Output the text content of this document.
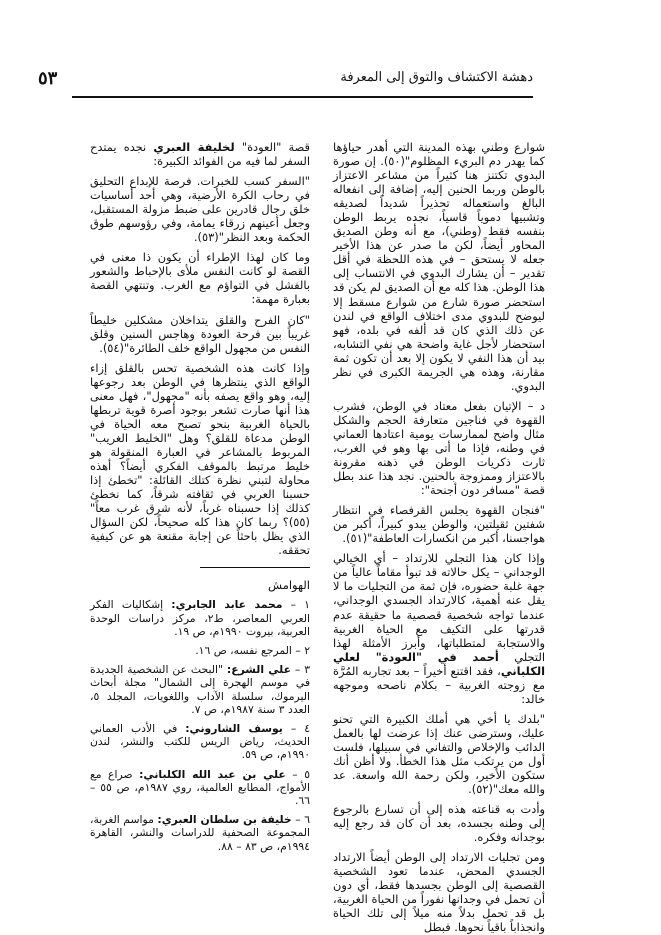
٥٣	دهشة الاكتشاف والتوق إلى المعرفة

شوارع وطني بهذه المدينة التي أهدر حياؤها كما يهدر دم البريء المظلوم"(٥٠). إن صورة البدوي تكتنز هنا كثيراً من مشاعر الاعتزاز بالوطن وربما الحنين إليه، إضافة إلى انفعاله البالغ واستعماله تحذيراً شديداً لصديقه وتشبيها دموياً قاسياً، نجده يربط الوطن بنفسه فقط (وطني)، مع أنه وطن الصديق المحاور أيضاً، لكن ما صدر عن هذا الأخير جعله لا يستحق – في هذه اللحظة في أقل تقدير – أن يشارك البدوي في الانتساب إلى هذا الوطن. هذا كله مع أن الصديق لم يكن قد استحضر صورة شارع من شوارع مسقط إلا ليوضح للبدوي مدى اختلاف الواقع في لندن عن ذلك الذي كان قد ألفه في بلده، فهو استحضار لأجل غاية واضحة هي نفي التشابه، بيد أن هذا النفي لا يكون إلا بعد أن تكون ثمة مقارنة، وهذه هي الجريمة الكبرى في نظر البدوي.

د – الإتيان بفعل معتاد في الوطن، فشرب القهوة في فناجين متعارفة الحجم والشكل مثال واضح لممارسات يومية اعتادها العماني في وطنه، فإذا ما أتى بها وهو في الغرب، ثارت ذكريات الوطن في ذهنه مقرونة بالاعتزاز وممزوجة بالحنين. نجد هذا عند بطل قصة "مسافر دون أجنحة":

"فنجان القهوة يجلس القرفصاء في انتظار شفتين ثقيلتين، والوطن يبدو كبيراً، أكبر من هواجسنا، أكبر من انكسارات العاطفة"(٥١).

وإذا كان هذا التجلي للارتداد – أي الخيالي الوجداني – يكل حالاته قد تبوأ مقاماً عالياً من جهة غلبة حضوره، فإن ثمة من التجليات ما لا يقل عنه أهمية، كالارتداد الجسدي الوجداني، عندما تواجه شخصية قصصية ما حقيقة عدم قدرتها على التكيف مع الحياة الغربية والاستجابة لمتطلباتها، وأبرز الأمثلة لهذا التجلي أحمد في "العودة" لعلي الكلباني، فقد اقتنع أخيراً – بعد تجاربه المُرَّة مع زوجته الغربية – بكلام ناصحه وموجهه خالد:

"بلدك يا أخي هي أملك الكبيرة التي تحنو عليك، وسترضى عنك إذا عرضت لها بالعمل الدائب والإخلاص والتفاني في سبيلها، فلست أول من يرتكب مثل هذا الخطأ. ولا أظن أنك ستكون الأخير، ولكن رحمة الله واسعة. عد والله معك"(٥٢).

وأدت به قناعته هذه إلى أن تسارع بالرجوع إلى وطنه بجسده، بعد أن كان قد رجع إليه بوجدانه وفكره.

ومن تجليات الارتداد إلى الوطن أيضاً الارتداد الجسدي المحض، عندما تعود الشخصية القصصية إلى الوطن بجسدها فقط، أي دون أن تحمل في وجدانها نفوراً من الحياة الغربية، بل قد تحمل بدلاً منه ميلاً إلى تلك الحياة وانجذاباً باقياً نحوها. فبطل

قصة "العودة" لخليفة العبري نجده يمتدح السفر لما فيه من الفوائد الكبيرة:

"السفر كسب للخبرات. فرصة للإبداع التحليق في رحاب الكرة الأرضية، وهي أحد أساسيات خلق رجال قادرين على ضبط مزولة المستقبل، وجعل أعينهم زرقاء يمامة، وفي رؤوسهم طوق الحكمة وبعد النظر"(٥٣).

وما كان لهذا الإطراء أن يكون ذا معنى في القصة لو كانت النفس ملأى بالإحباط والشعور بالفشل في التواؤم مع الغرب. وتنتهي القصة بعبارة مهمة:

"كان الفرح والقلق يتداخلان مشكلين خليطاً غريباً بين فرحة العودة وهاجس السنين وقلق النفس من مجهول الواقع خلف الطائرة"(٥٤).

وإذا كانت هذه الشخصية تحس بالقلق إزاء الواقع الذي ينتظرها في الوطن بعد رجوعها إليه، وهو واقع يصفه بأنه "مجهول"، فهل معنى هذا أنها صارت تشعر بوجود أصرة قوية تربطها بالحياة الغربية بنحو تصبح معه الحياة في الوطن مدعاة للقلق؟ وهل "الخليط الغريب" المربوط بالمشاعر في العبارة المنقولة هو خليط مرتبط بالموقف الفكري أيضاً؟ أهذه محاولة لتبني نظرة كتلك القائلة: "تخطئ إذا حسبنا العربي في ثقافته شرقاً، كما نخطئ كذلك إذا حسبناه غرباً، لأنه شرق غرب معاً"(٥٥)؟ ربما كان هذا كله صحيحاً، لكن السؤال الذي يظل باحثاً عن إجابة مقنعة هو عن كيفية تحققه.

الهوامش

١ – محمد عابد الجابري: إشكاليات الفكر العربي المعاصر، ط٢، مركز دراسات الوحدة العربية، بيروت ١٩٩٠م، ص ١٩.

٢ – المرجع نفسه، ص ١٦.

٣ – علي الشرع: "البحث عن الشخصية الجديدة في موسم الهجرة إلى الشمال" مجلة أبحاث اليرموك، سلسلة الآداب واللغويات، المجلد ٥، العدد ٣ سنة ١٩٨٧م، ص ٧.

٤ – يوسف الشاروني: في الأدب العماني الحديث، رياض الريس للكتب والنشر، لندن ١٩٩٠م، ص ٥٩.

٥ – علي بن عبد الله الكلباني: صراع مع الأمواج، المطابع العالمية، روي ١٩٨٧م، ص ٥٥ – ٦٦.

٦ – خليفة بن سلطان العبري: مواسم الغربة، المجموعة الصحفية للدراسات والنشر، القاهرة ١٩٩٤م، ص ٨٣ – ٨٨.
